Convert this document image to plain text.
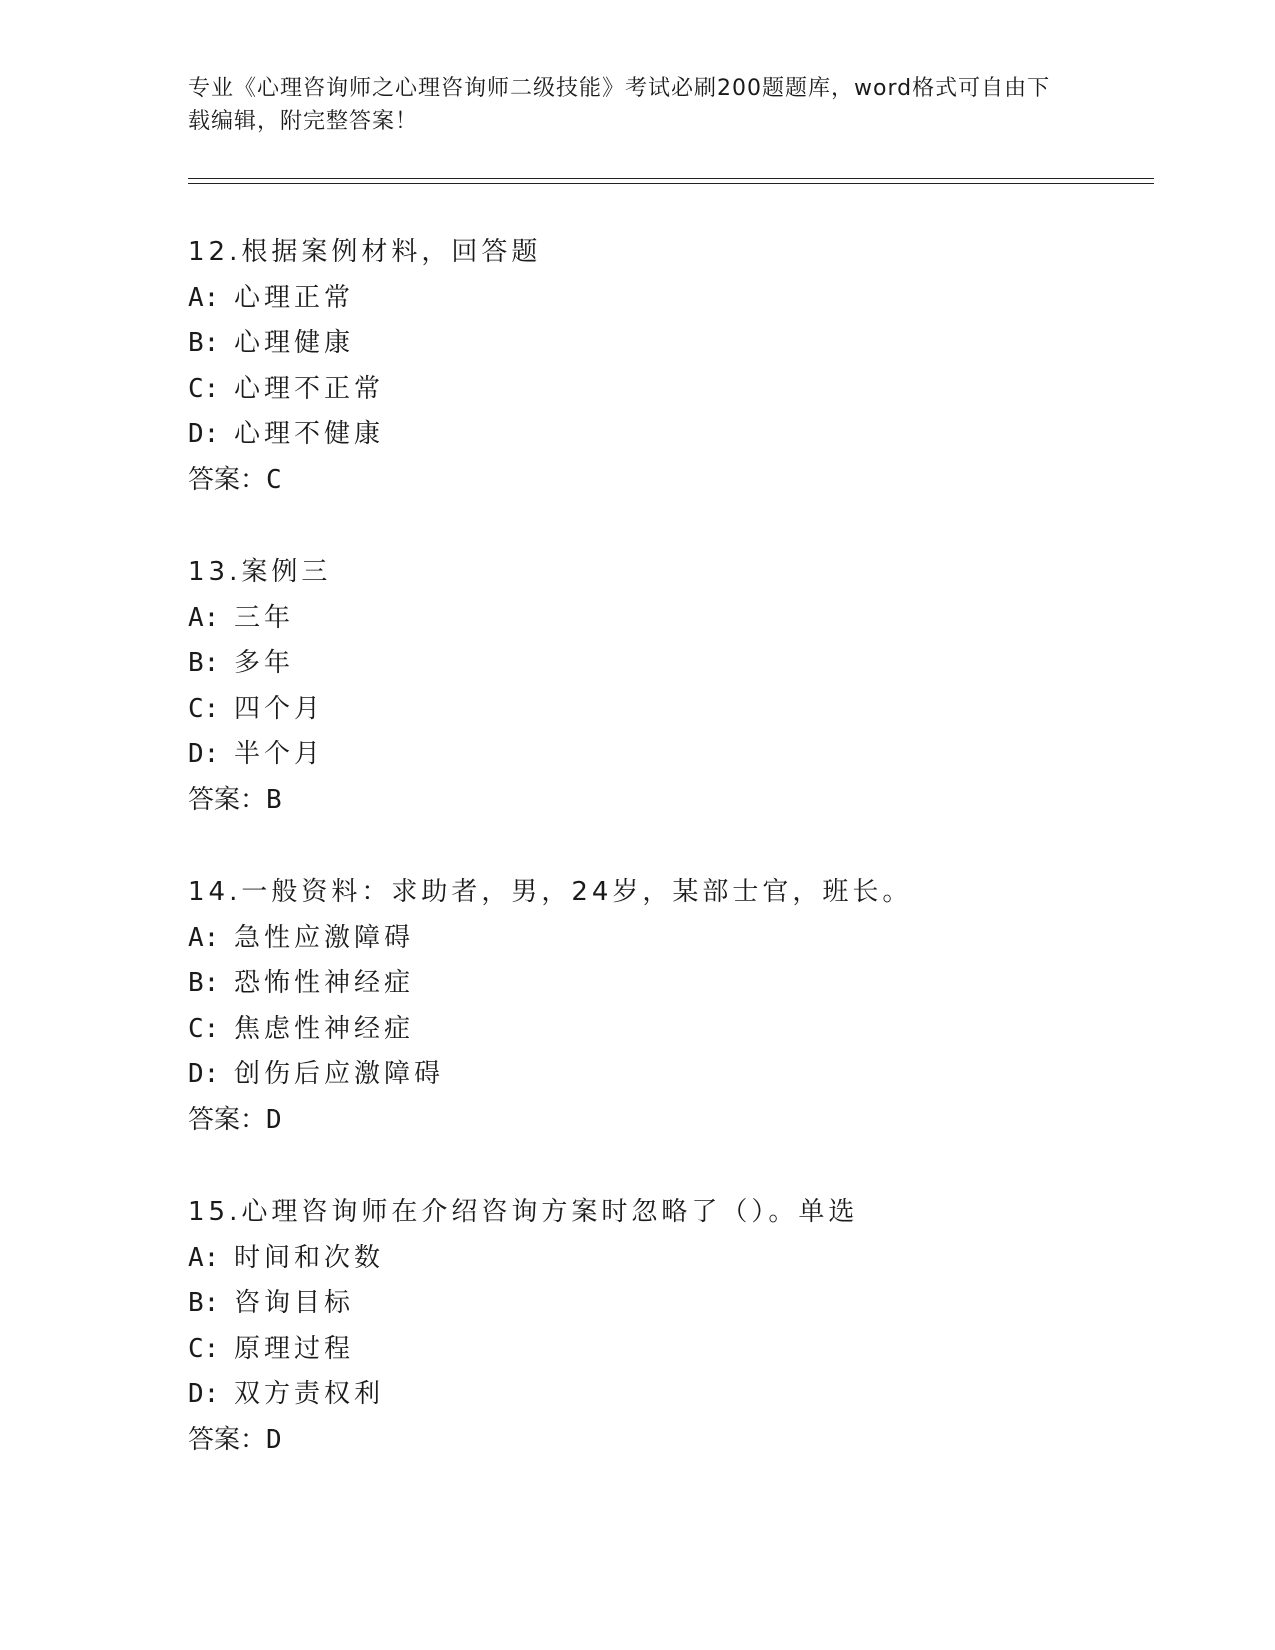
专业《心理咨询师之心理咨询师二级技能》考试必刷200题题库，word格式可自由下载编辑，附完整答案！
12.根据案例材料，回答题
A: 心理正常
B: 心理健康
C: 心理不正常
D: 心理不健康
答案：C
13.案例三
A: 三年
B: 多年
C: 四个月
D: 半个月
答案：B
14.一般资料：求助者，男，24岁，某部士官，班长。
A: 急性应激障碍
B: 恐怖性神经症
C: 焦虑性神经症
D: 创伤后应激障碍
答案：D
15.心理咨询师在介绍咨询方案时忽略了（）。单选
A: 时间和次数
B: 咨询目标
C: 原理过程
D: 双方责权利
答案：D
